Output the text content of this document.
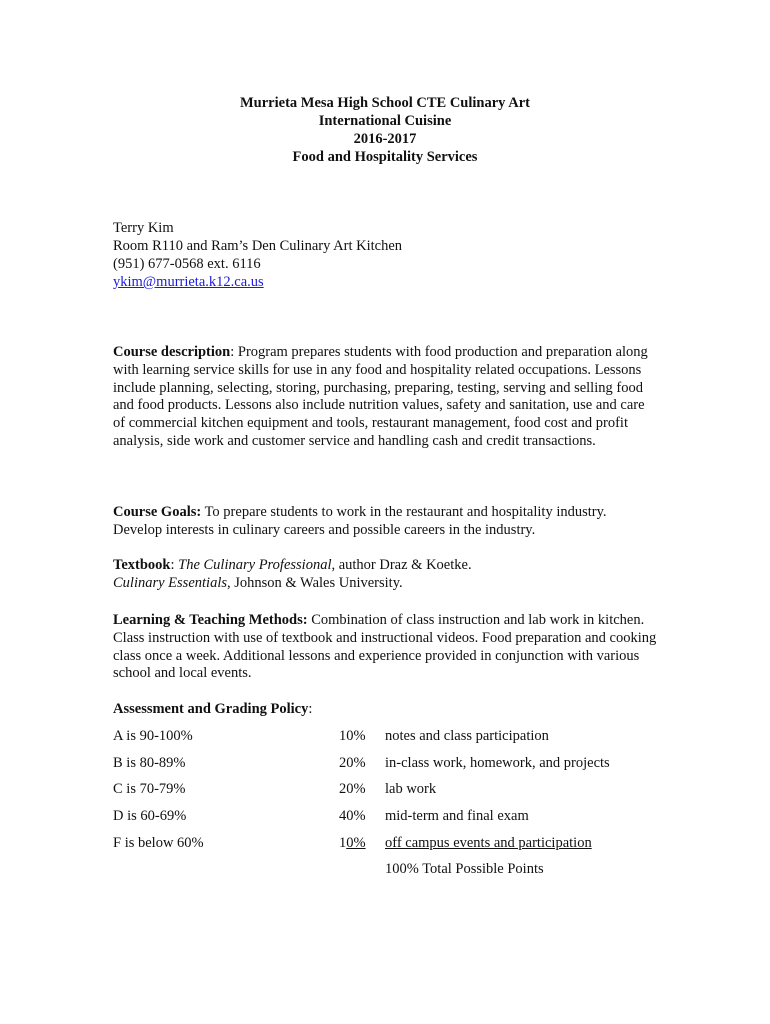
Murrieta Mesa High School CTE Culinary Art
International Cuisine
2016-2017
Food and Hospitality Services
Terry Kim
Room R110 and Ram’s Den Culinary Art Kitchen
(951) 677-0568 ext. 6116
ykim@murrieta.k12.ca.us
Course description: Program prepares students with food production and preparation along with learning service skills for use in any food and hospitality related occupations. Lessons include planning, selecting, storing, purchasing, preparing, testing, serving and selling food and food products. Lessons also include nutrition values, safety and sanitation, use and care of commercial kitchen equipment and tools, restaurant management, food cost and profit analysis, side work and customer service and handling cash and credit transactions.
Course Goals: To prepare students to work in the restaurant and hospitality industry. Develop interests in culinary careers and possible careers in the industry.
Textbook: The Culinary Professional, author Draz & Koetke.
Culinary Essentials, Johnson & Wales University.
Learning & Teaching Methods: Combination of class instruction and lab work in kitchen. Class instruction with use of textbook and instructional videos. Food preparation and cooking class once a week. Additional lessons and experience provided in conjunction with various school and local events.
Assessment and Grading Policy:
A is 90-100%	10% notes and class participation
B is 80-89%	20% in-class work, homework, and projects
C is 70-79%	20% lab work
D is 60-69%	40% mid-term and final exam
F is below 60%	10% off campus events and participation
100% Total Possible Points
